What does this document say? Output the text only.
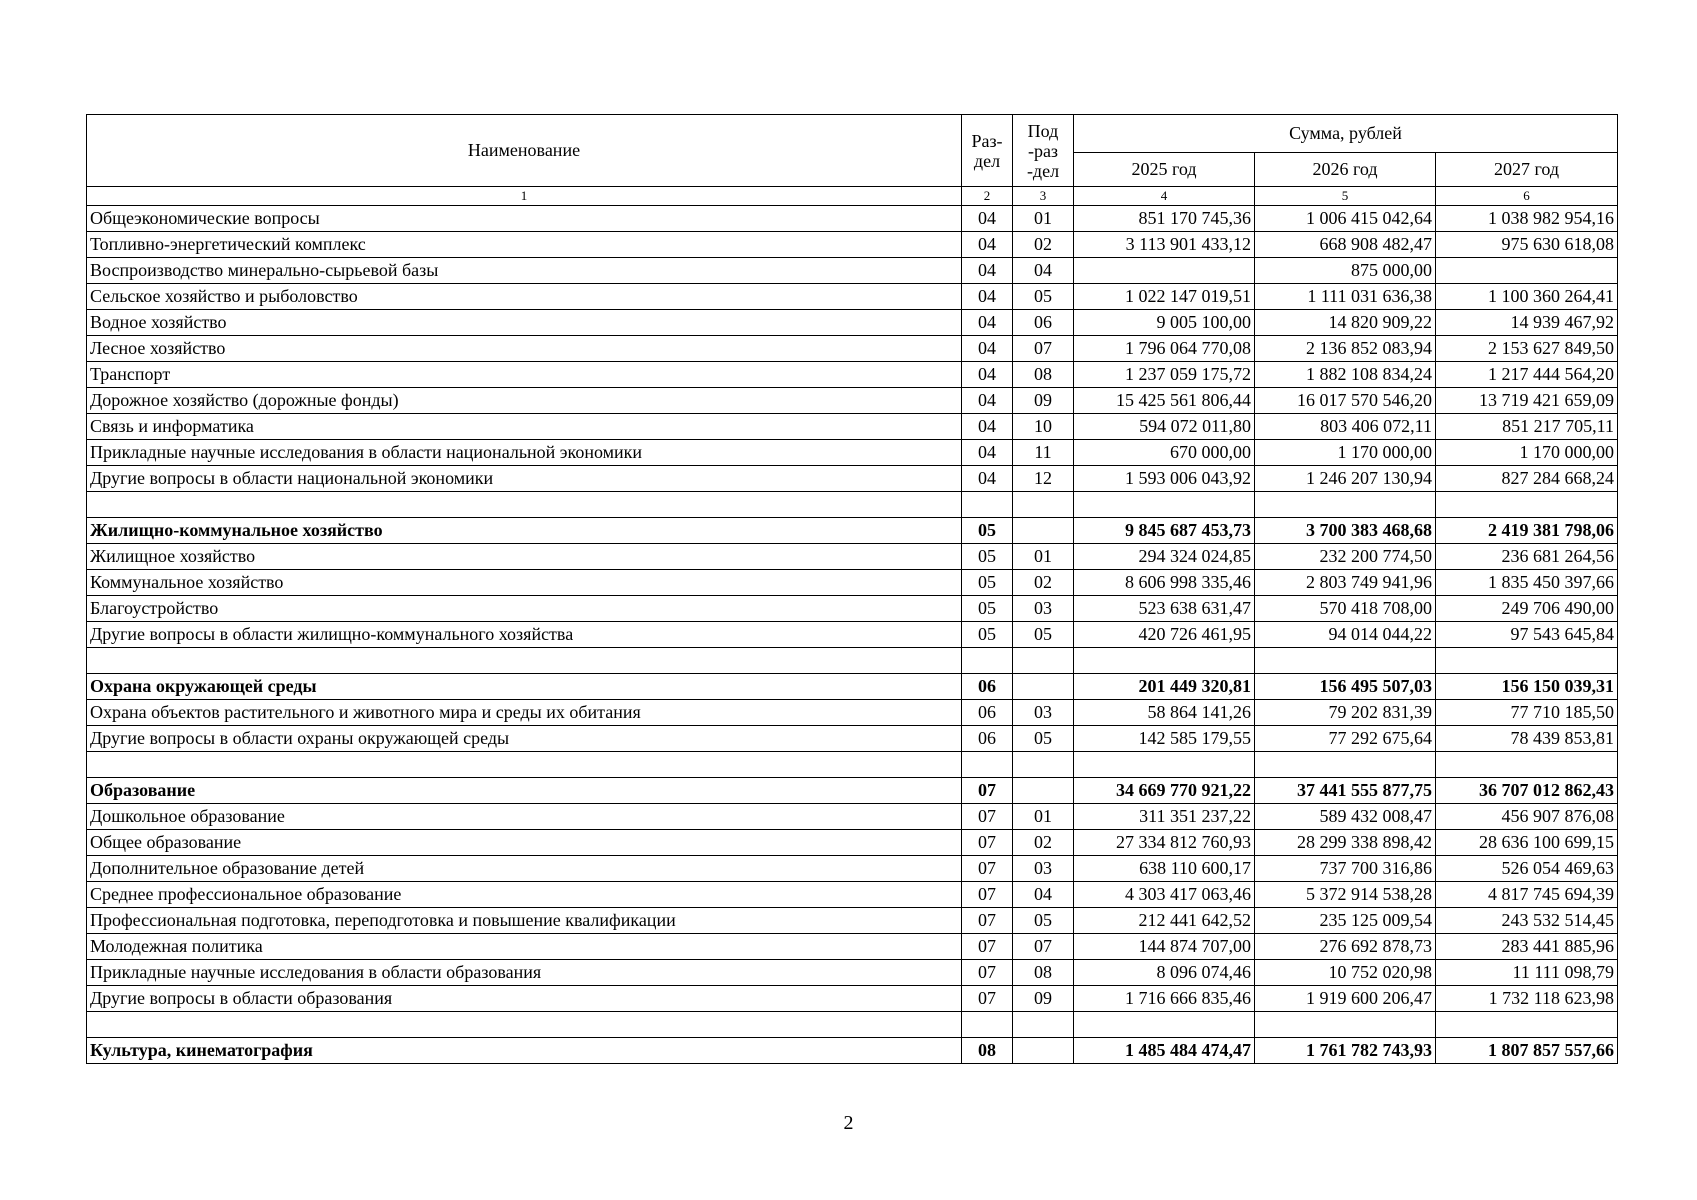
Наименование	Раз-дел	Под-раз-дел	Сумма, рублей		
			2025 год	2026 год	2027 год
1	2	3	4	5	6
Общеэкономические вопросы	04	01	851 170 745,36	1 006 415 042,64	1 038 982 954,16
Топливно-энергетический комплекс	04	02	3 113 901 433,12	668 908 482,47	975 630 618,08
Воспроизводство минерально-сырьевой базы	04	04		875 000,00	
Сельское хозяйство и рыболовство	04	05	1 022 147 019,51	1 111 031 636,38	1 100 360 264,41
Водное хозяйство	04	06	9 005 100,00	14 820 909,22	14 939 467,92
Лесное хозяйство	04	07	1 796 064 770,08	2 136 852 083,94	2 153 627 849,50
Транспорт	04	08	1 237 059 175,72	1 882 108 834,24	1 217 444 564,20
Дорожное хозяйство (дорожные фонды)	04	09	15 425 561 806,44	16 017 570 546,20	13 719 421 659,09
Связь и информатика	04	10	594 072 011,80	803 406 072,11	851 217 705,11
Прикладные научные исследования в области национальной экономики	04	11	670 000,00	1 170 000,00	1 170 000,00
Другие вопросы в области национальной экономики	04	12	1 593 006 043,92	1 246 207 130,94	827 284 668,24

Жилищно-коммунальное хозяйство	05		9 845 687 453,73	3 700 383 468,68	2 419 381 798,06
Жилищное хозяйство	05	01	294 324 024,85	232 200 774,50	236 681 264,56
Коммунальное хозяйство	05	02	8 606 998 335,46	2 803 749 941,96	1 835 450 397,66
Благоустройство	05	03	523 638 631,47	570 418 708,00	249 706 490,00
Другие вопросы в области жилищно-коммунального хозяйства	05	05	420 726 461,95	94 014 044,22	97 543 645,84

Охрана окружающей среды	06		201 449 320,81	156 495 507,03	156 150 039,31
Охрана объектов растительного и животного мира и среды их обитания	06	03	58 864 141,26	79 202 831,39	77 710 185,50
Другие вопросы в области охраны окружающей среды	06	05	142 585 179,55	77 292 675,64	78 439 853,81

Образование	07		34 669 770 921,22	37 441 555 877,75	36 707 012 862,43
Дошкольное образование	07	01	311 351 237,22	589 432 008,47	456 907 876,08
Общее образование	07	02	27 334 812 760,93	28 299 338 898,42	28 636 100 699,15
Дополнительное образование детей	07	03	638 110 600,17	737 700 316,86	526 054 469,63
Среднее профессиональное образование	07	04	4 303 417 063,46	5 372 914 538,28	4 817 745 694,39
Профессиональная подготовка, переподготовка и повышение квалификации	07	05	212 441 642,52	235 125 009,54	243 532 514,45
Молодежная политика	07	07	144 874 707,00	276 692 878,73	283 441 885,96
Прикладные научные исследования в области образования	07	08	8 096 074,46	10 752 020,98	11 111 098,79
Другие вопросы в области образования	07	09	1 716 666 835,46	1 919 600 206,47	1 732 118 623,98

Культура, кинематография	08		1 485 484 474,47	1 761 782 743,93	1 807 857 557,66
2
